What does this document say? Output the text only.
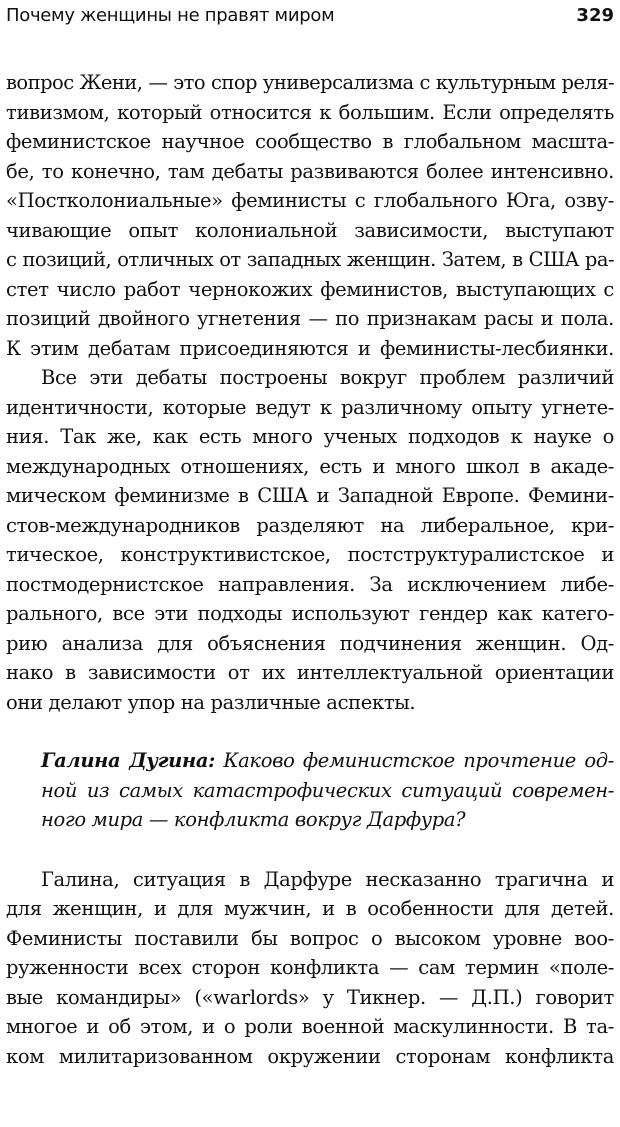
Почему женщины не правят миром	329

вопрос Жени, — это спор универсализма с культурным реля-
тивизмом, который относится к большим. Если определять
феминистское научное сообщество в глобальном масшта-
бе, то конечно, там дебаты развиваются более интенсивно.
«Постколониальные» феминисты с глобального Юга, озву-
чивающие опыт колониальной зависимости, выступают
с позиций, отличных от западных женщин. Затем, в США ра-
стет число работ чернокожих феминистов, выступающих с
позиций двойного угнетения — по признакам расы и пола.
К этим дебатам присоединяются и феминисты-лесбиянки.

Все эти дебаты построены вокруг проблем различий
идентичности, которые ведут к различному опыту угнете-
ния. Так же, как есть много ученых подходов к науке о
международных отношениях, есть и много школ в акаде-
мическом феминизме в США и Западной Европе. Фемини-
стов-международников разделяют на либеральное, кри-
тическое, конструктивистское, постструктуралистское и
постмодернистское направления. За исключением либе-
рального, все эти подходы используют гендер как катего-
рию анализа для объяснения подчинения женщин. Од-
нако в зависимости от их интеллектуальной ориентации
они делают упор на различные аспекты.

Галина Дугина: Каково феминистское прочтение од-
ной из самых катастрофических ситуаций современ-
ного мира — конфликта вокруг Дарфура?

Галина, ситуация в Дарфуре несказанно трагична и
для женщин, и для мужчин, и в особенности для детей.
Феминисты поставили бы вопрос о высоком уровне воо-
руженности всех сторон конфликта — сам термин «поле-
вые командиры» («warlords» у Тикнер. — Д.П.) говорит
многое и об этом, и о роли военной маскулинности. В та-
ком милитаризованном окружении сторонам конфликта
